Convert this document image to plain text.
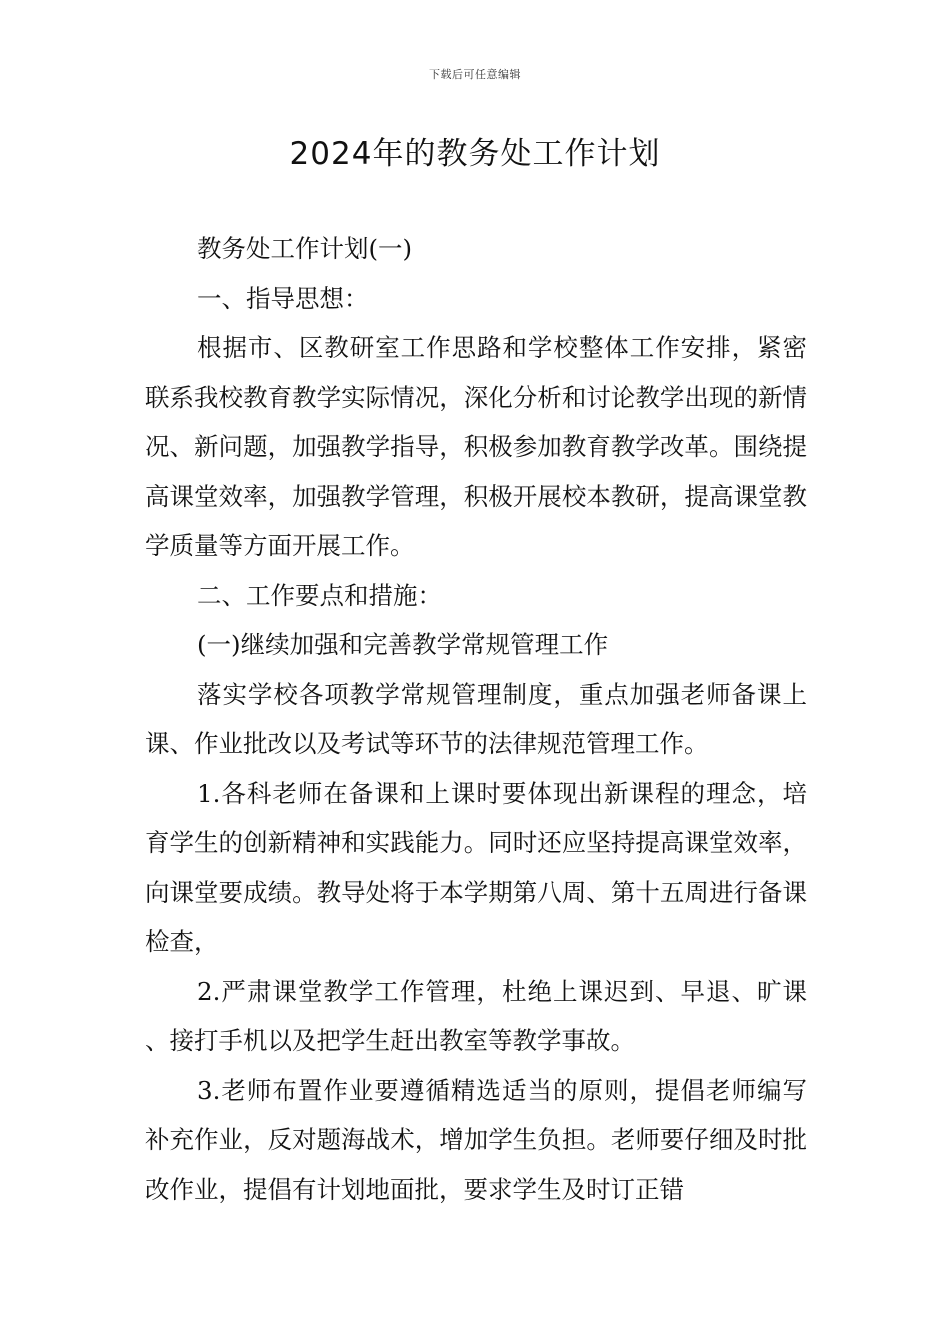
下载后可任意编辑
2024年的教务处工作计划

教务处工作计划(一)

一、指导思想：

根据市、区教研室工作思路和学校整体工作安排，紧密联系我校教育教学实际情况，深化分析和讨论教学出现的新情况、新问题，加强教学指导，积极参加教育教学改革。围绕提高课堂效率，加强教学管理，积极开展校本教研，提高课堂教学质量等方面开展工作。

二、工作要点和措施：

(一)继续加强和完善教学常规管理工作

落实学校各项教学常规管理制度，重点加强老师备课上课、作业批改以及考试等环节的法律规范管理工作。

1.各科老师在备课和上课时要体现出新课程的理念，培育学生的创新精神和实践能力。同时还应坚持提高课堂效率，向课堂要成绩。教导处将于本学期第八周、第十五周进行备课检查，

2.严肃课堂教学工作管理，杜绝上课迟到、早退、旷课 、接打手机以及把学生赶出教室等教学事故。

3.老师布置作业要遵循精选适当的原则，提倡老师编写补充作业，反对题海战术，增加学生负担。老师要仔细及时批改作业，提倡有计划地面批，要求学生及时订正错
